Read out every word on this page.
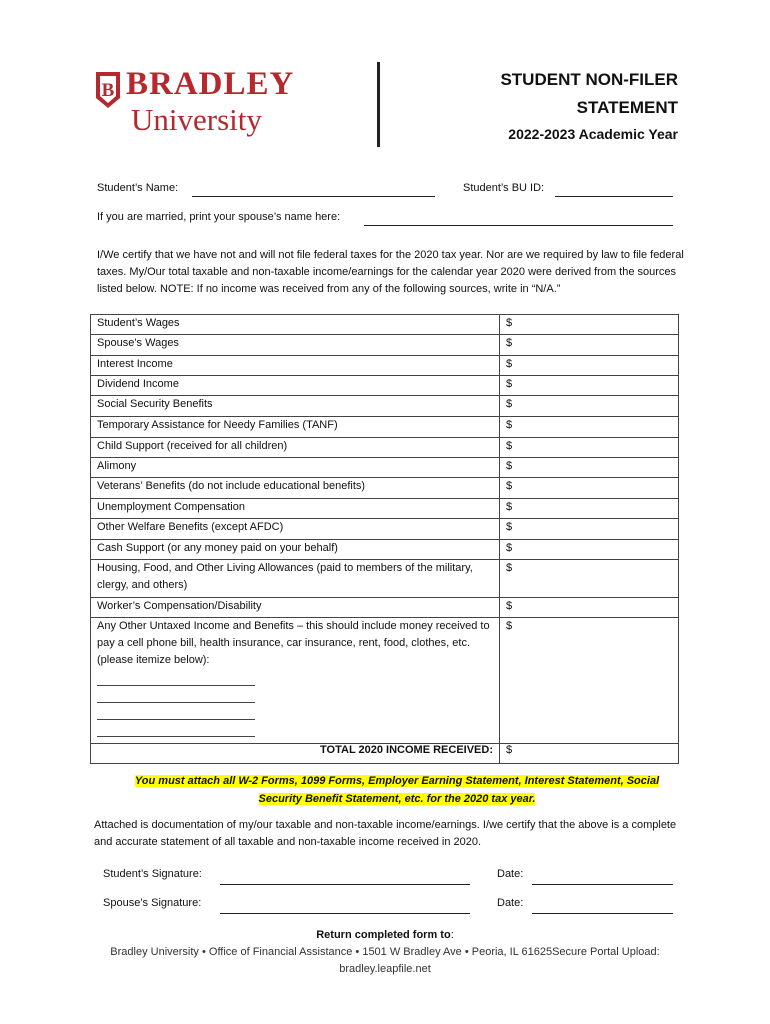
B BRADLEY
University
STUDENT NON-FILER
STATEMENT
2022-2023 Academic Year
Student’s Name:	Student’s BU ID:
If you are married, print your spouse’s name here:
I/We certify that we have not and will not file federal taxes for the 2020 tax year. Nor are we required by law to file federal taxes. My/Our total taxable and non-taxable income/earnings for the calendar year 2020 were derived from the sources listed below. NOTE: If no income was received from any of the following sources, write in “N/A.”
Student’s Wages	$
Spouse’s Wages	$
Interest Income	$
Dividend Income	$
Social Security Benefits	$
Temporary Assistance for Needy Families (TANF)	$
Child Support (received for all children)	$
Alimony	$
Veterans’ Benefits (do not include educational benefits)	$
Unemployment Compensation	$
Other Welfare Benefits (except AFDC)	$
Cash Support (or any money paid on your behalf)	$
Housing, Food, and Other Living Allowances (paid to members of the military, clergy, and others)	$
Worker’s Compensation/Disability	$
Any Other Untaxed Income and Benefits – this should include money received to pay a cell phone bill, health insurance, car insurance, rent, food, clothes, etc. (please itemize below):	$
TOTAL 2020 INCOME RECEIVED:	$
You must attach all W-2 Forms, 1099 Forms, Employer Earning Statement, Interest Statement, Social Security Benefit Statement, etc. for the 2020 tax year.
Attached is documentation of my/our taxable and non-taxable income/earnings. I/we certify that the above is a complete and accurate statement of all taxable and non-taxable income received in 2020.
Student’s Signature:	Date:
Spouse’s Signature:	Date:
Return completed form to:
Bradley University • Office of Financial Assistance • 1501 W Bradley Ave • Peoria, IL 61625Secure Portal Upload:
bradley.leapfile.net
